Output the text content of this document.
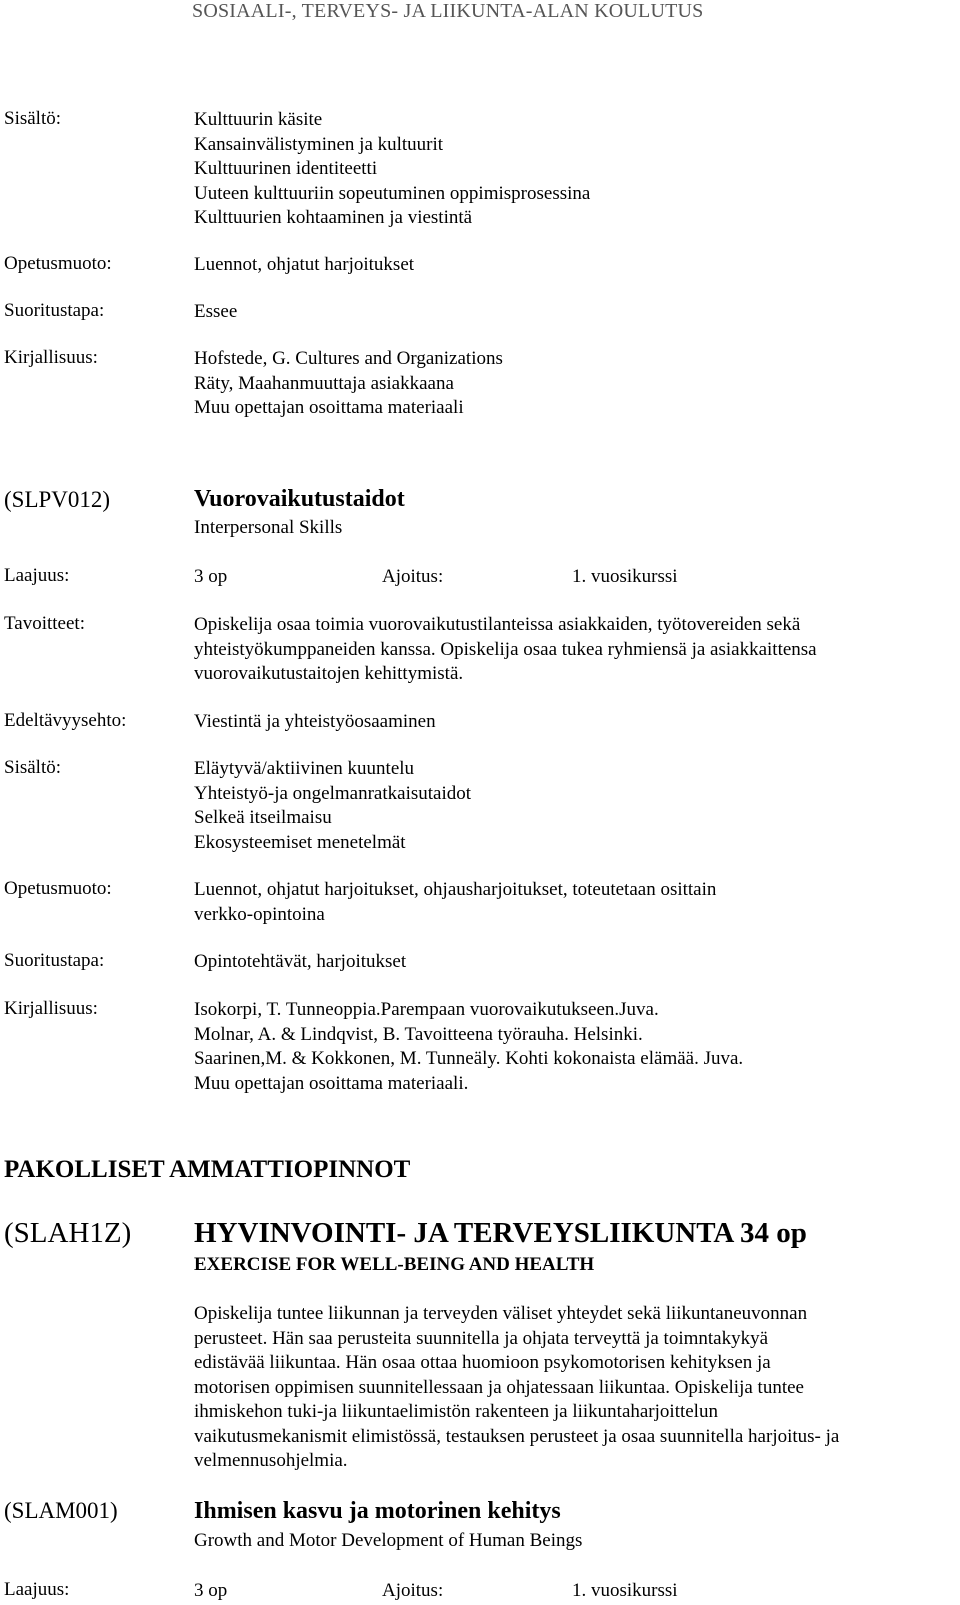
SOSIAALI-, TERVEYS- JA LIIKUNTA-ALAN KOULUTUS
Sisältö:	Kulttuurin käsite
Kansainvälistyminen ja kultuurit
Kulttuurinen identiteetti
Uuteen kulttuuriin sopeutuminen oppimisprosessina
Kulttuurien kohtaaminen ja viestintä
Opetusmuoto:	Luennot, ohjatut harjoitukset
Suoritustapa:	Essee
Kirjallisuus:	Hofstede, G. Cultures and Organizations
Räty, Maahanmuuttaja asiakkaana
Muu opettajan osoittama materiaali
(SLPV012)	Vuorovaikutustaidot
Interpersonal Skills
Laajuus:	3 op	Ajoitus:	1. vuosikurssi
Tavoitteet:	Opiskelija osaa toimia vuorovaikutustilanteissa asiakkaiden, työtovereiden sekä
yhteistyökumppaneiden kanssa. Opiskelija osaa tukea ryhmiensä ja asiakkaittensa
vuorovaikutustaitojen kehittymistä.
Edeltävyysehto:	Viestintä ja yhteistyöosaaminen
Sisältö:	Eläytyvä/aktiivinen kuuntelu
Yhteistyö-ja ongelmanratkaisutaidot
Selkeä itseilmaisu
Ekosysteemiset menetelmät
Opetusmuoto:	Luennot, ohjatut harjoitukset, ohjausharjoitukset, toteutetaan osittain
verkko-opintoina
Suoritustapa:	Opintotehtävät, harjoitukset
Kirjallisuus:	Isokorpi, T. Tunneoppia.Parempaan vuorovaikutukseen.Juva.
Molnar, A. & Lindqvist, B. Tavoitteena työrauha. Helsinki.
Saarinen,M. & Kokkonen, M. Tunneäly. Kohti kokonaista elämää. Juva.
Muu opettajan osoittama materiaali.
PAKOLLISET AMMATTIOPINNOT
(SLAH1Z) HYVINVOINTI- JA TERVEYSLIIKUNTA 34 op
EXERCISE FOR WELL-BEING AND HEALTH
Opiskelija tuntee liikunnan ja terveyden väliset yhteydet sekä liikuntaneuvonnan
perusteet. Hän saa perusteita suunnitella ja ohjata terveyttä ja toimntakykyä
edistävää liikuntaa. Hän osaa ottaa huomioon psykomotorisen kehityksen ja
motorisen oppimisen suunnitellessaan ja ohjatessaan liikuntaa. Opiskelija tuntee
ihmiskehon tuki-ja liikuntaelimistön rakenteen ja liikuntaharjoittelun
vaikutusmekanismit elimistössä, testauksen perusteet ja osaa suunnitella harjoitus- ja
velmennusohjelmia.
(SLAM001)	Ihmisen kasvu ja motorinen kehitys
Growth and Motor Development of Human Beings
Laajuus:	3 op	Ajoitus:	1. vuosikurssi
